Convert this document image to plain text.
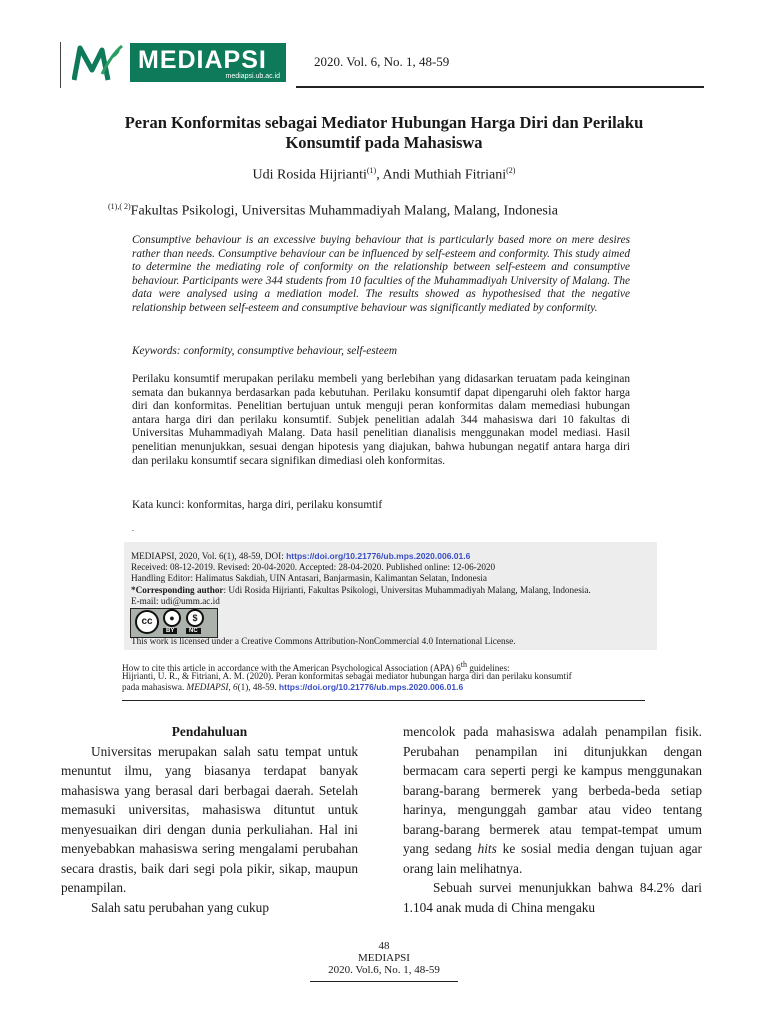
MEDIAPSI
mediapsi.ub.ac.id
2020. Vol. 6, No. 1, 48-59
Peran Konformitas sebagai Mediator Hubungan Harga Diri dan Perilaku
Konsumtif pada Mahasiswa
Udi Rosida Hijrianti$^{(1)}$, Andi Muthiah Fitriani$^{(2)}$
$^{(1),( 2)}$Fakultas Psikologi, Universitas Muhammadiyah Malang, Malang, Indonesia
Consumptive behaviour is an excessive buying behaviour that is particularly based more on mere desires rather than needs. Consumptive behaviour can be influenced by self-esteem and conformity. This study aimed to determine the mediating role of conformity on the relationship between self-esteem and consumptive behaviour. Participants were 344 students from 10 faculties of the Muhammadiyah University of Malang. The data were analysed using a mediation model. The results showed as hypothesised that the negative relationship between self-esteem and consumptive behaviour was significantly mediated by conformity.
Keywords: conformity, consumptive behaviour, self-esteem
Perilaku konsumtif merupakan perilaku membeli yang berlebihan yang didasarkan teruatam pada keinginan semata dan bukannya berdasarkan pada kebutuhan. Perilaku konsumtif dapat dipengaruhi oleh faktor harga diri dan konformitas. Penelitian bertujuan untuk menguji peran konformitas dalam memediasi hubungan antara harga diri dan perilaku konsumtif. Subjek penelitian adalah 344 mahasiswa dari 10 fakultas di Universitas Muhammadiyah Malang. Data hasil penelitian dianalisis menggunakan model mediasi. Hasil penelitian menunjukkan, sesuai dengan hipotesis yang diajukan, bahwa hubungan negatif antara harga diri dan perilaku konsumtif secara signifikan dimediasi oleh konformitas.
Kata kunci: konformitas, harga diri, perilaku konsumtif
.
MEDIAPSI, 2020, Vol. 6(1), 48-59, DOI: https://doi.org/10.21776/ub.mps.2020.006.01.6
Received: 08-12-2019. Revised: 20-04-2020. Accepted: 28-04-2020. Published online: 12-06-2020
Handling Editor: Halimatus Sakdiah, UIN Antasari, Banjarmasin, Kalimantan Selatan, Indonesia
*Corresponding author: Udi Rosida Hijrianti, Fakultas Psikologi, Universitas Muhammadiyah Malang, Malang, Indonesia.
E-mail: udi@umm.ac.id
cc	●	$
BY	NC
This work is licensed under a Creative Commons Attribution-NonCommercial 4.0 International License.
How to cite this article in accordance with the American Psychological Association (APA) 6th guidelines:
Hijrianti, U. R., & Fitriani, A. M. (2020). Peran konformitas sebagai mediator hubungan harga diri dan perilaku konsumtif
pada mahasiswa. MEDIAPSI, 6(1), 48-59. https://doi.org/10.21776/ub.mps.2020.006.01.6

Pendahuluan

Universitas merupakan salah satu tempat untuk menuntut ilmu, yang biasanya terdapat banyak mahasiswa yang berasal dari berbagai daerah. Setelah memasuki universitas, mahasiswa dituntut untuk menyesuaikan diri dengan dunia perkuliahan. Hal ini menyebabkan mahasiswa sering mengalami perubahan secara drastis, baik dari segi pola pikir, sikap, maupun penampilan.

Salah satu perubahan yang cukup

mencolok pada mahasiswa adalah penampilan fisik. Perubahan penampilan ini ditunjukkan dengan bermacam cara seperti pergi ke kampus menggunakan barang-barang bermerek yang berbeda-beda setiap harinya, mengunggah gambar atau video tentang barang-barang bermerek atau tempat-tempat umum yang sedang hits ke sosial media dengan tujuan agar orang lain melihatnya.

Sebuah survei menunjukkan bahwa 84.2% dari 1.104 anak muda di China mengaku

48
MEDIAPSI
2020. Vol.6, No. 1, 48-59
